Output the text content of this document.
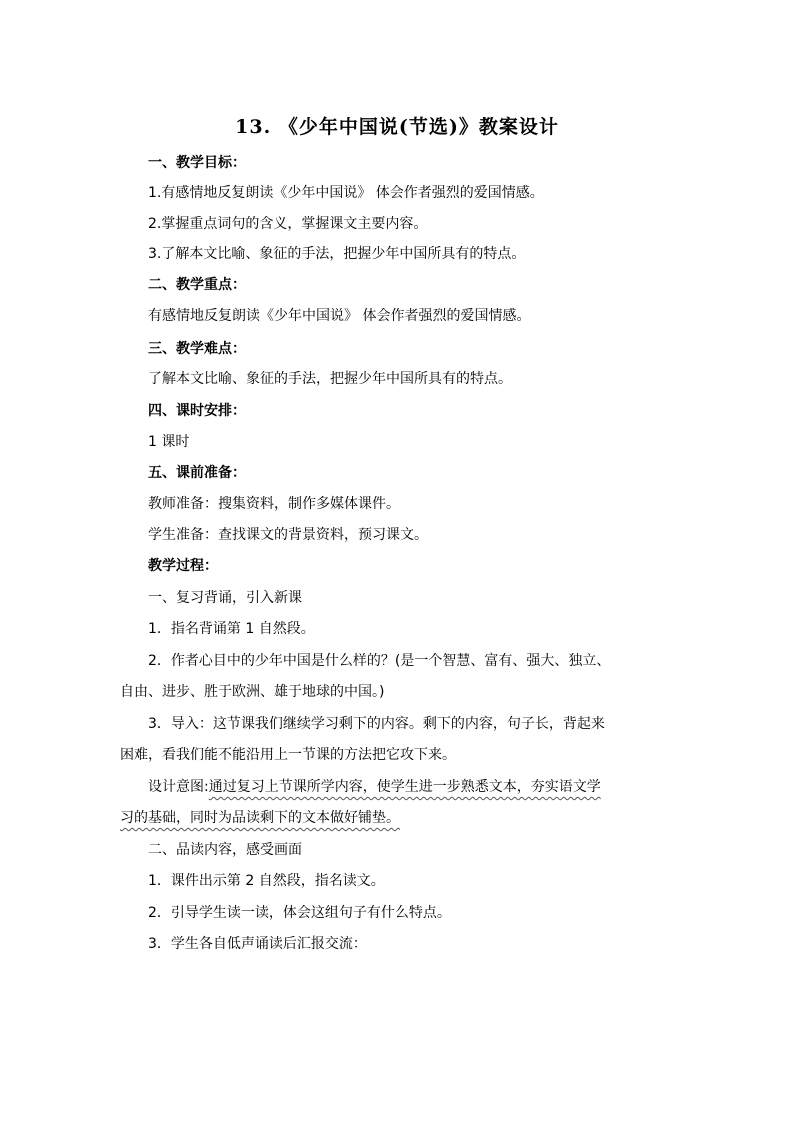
13. 《少年中国说(节选)》教案设计
一、教学目标：
1.有感情地反复朗读《少年中国说》 体会作者强烈的爱国情感。
2.掌握重点词句的含义，掌握课文主要内容。
3.了解本文比喻、象征的手法，把握少年中国所具有的特点。
二、教学重点：
有感情地反复朗读《少年中国说》 体会作者强烈的爱国情感。
三、教学难点：
了解本文比喻、象征的手法，把握少年中国所具有的特点。
四、课时安排：
1 课时
五、课前准备：
教师准备：搜集资料，制作多媒体课件。
学生准备：查找课文的背景资料，预习课文。
教学过程：
一、复习背诵，引入新课
1．指名背诵第 1 自然段。
2．作者心目中的少年中国是什么样的？(是一个智慧、富有、强大、独立、
自由、进步、胜于欧洲、雄于地球的中国。)
3．导入：这节课我们继续学习剩下的内容。剩下的内容，句子长，背起来
困难，看我们能不能沿用上一节课的方法把它攻下来。
设计意图:通过复习上节课所学内容，使学生进一步熟悉文本，夯实语文学
习的基础，同时为品读剩下的文本做好铺垫。
二、品读内容，感受画面
1．课件出示第 2 自然段，指名读文。
2．引导学生读一读，体会这组句子有什么特点。
3．学生各自低声诵读后汇报交流：
